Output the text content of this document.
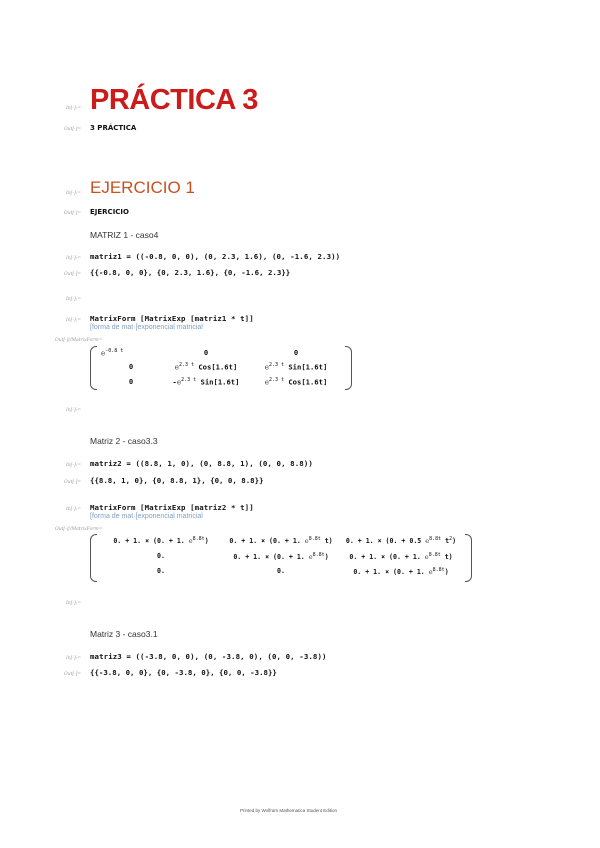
In[-]:= PRÁCTICA 3
Out[-]= 3 PRÁCTICA
In[-]:= EJERCICIO 1
Out[-]= EJERCICIO
MATRIZ 1 - caso4
In[-]:= matriz1 = ((-0.8, 0, 0), (0, 2.3, 1.6), (0, -1.6, 2.3))
Out[-]= {{-0.8, 0, 0}, {0, 2.3, 1.6}, {0, -1.6, 2.3}}
In[-]:=
In[-]:= MatrixForm [MatrixExp [matriz1 * t]]
[forma de mat·[exponencial matricial
Out[-]//MatrixForm=
$e^{-0.8 t}$	0	0
0	$e^{2.3 t}$ Cos[1.6t]	$e^{2.3 t}$ Sin[1.6t]
0	$-e^{2.3 t}$ Sin[1.6t]	$e^{2.3 t}$ Cos[1.6t]
In[-]:=
Matriz 2 - caso3.3
In[-]:= matriz2 = ((8.8, 1, 0), (0, 8.8, 1), (0, 0, 8.8))
Out[-]= {{8.8, 1, 0}, {0, 8.8, 1}, {0, 0, 8.8}}
In[-]:= MatrixForm [MatrixExp [matriz2 * t]]
[forma de mat·[exponencial matricial
Out[-]//MatrixForm=
0. + 1. × (0. + 1. $e^{8.8t}$)	0. + 1. × (0. + 1. $e^{8.8t}$ t)	0. + 1. × (0. + 0.5 $e^{8.8t}$ $t^2$)
0.	0. + 1. × (0. + 1. $e^{8.8t}$)	0. + 1. × (0. + 1. $e^{8.8t}$ t)
0.	0.	0. + 1. × (0. + 1. $e^{8.8t}$)
In[-]:=
Matriz 3 - caso3.1
In[-]:= matriz3 = ((-3.8, 0, 0), (0, -3.8, 0), (0, 0, -3.8))
Out[-]= {{-3.8, 0, 0}, {0, -3.8, 0}, {0, 0, -3.8}}
Printed by Wolfram Mathematica Student Edition
